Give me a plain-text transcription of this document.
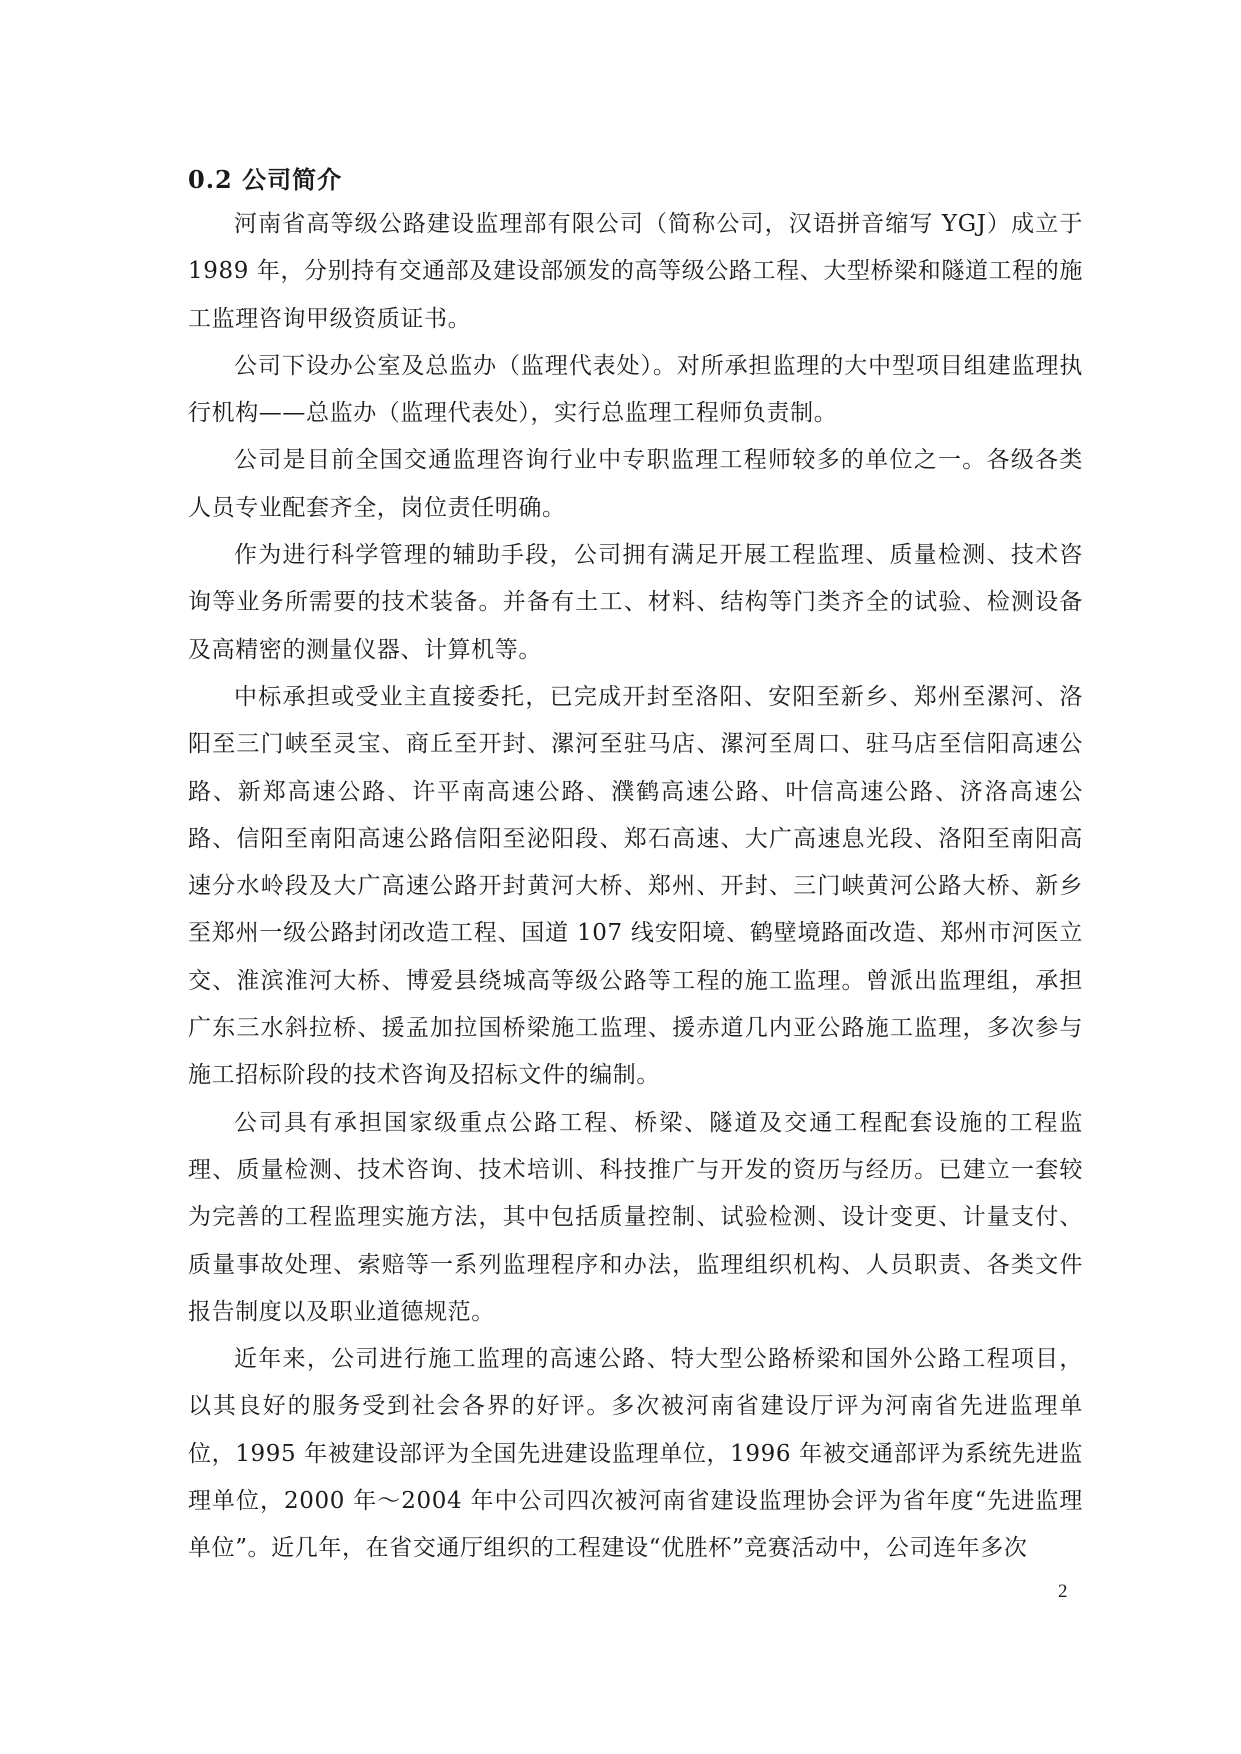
0.2 公司简介

河南省高等级公路建设监理部有限公司（简称公司，汉语拼音缩写 YGJ）成立于 1989 年，分别持有交通部及建设部颁发的高等级公路工程、大型桥梁和隧道工程的施工监理咨询甲级资质证书。

公司下设办公室及总监办（监理代表处）。对所承担监理的大中型项目组建监理执行机构——总监办（监理代表处），实行总监理工程师负责制。

公司是目前全国交通监理咨询行业中专职监理工程师较多的单位之一。各级各类人员专业配套齐全，岗位责任明确。

作为进行科学管理的辅助手段，公司拥有满足开展工程监理、质量检测、技术咨询等业务所需要的技术装备。并备有土工、材料、结构等门类齐全的试验、检测设备及高精密的测量仪器、计算机等。

中标承担或受业主直接委托，已完成开封至洛阳、安阳至新乡、郑州至漯河、洛阳至三门峡至灵宝、商丘至开封、漯河至驻马店、漯河至周口、驻马店至信阳高速公路、新郑高速公路、许平南高速公路、濮鹤高速公路、叶信高速公路、济洛高速公路、信阳至南阳高速公路信阳至泌阳段、郑石高速、大广高速息光段、洛阳至南阳高速分水岭段及大广高速公路开封黄河大桥、郑州、开封、三门峡黄河公路大桥、新乡至郑州一级公路封闭改造工程、国道 107 线安阳境、鹤壁境路面改造、郑州市河医立交、淮滨淮河大桥、博爱县绕城高等级公路等工程的施工监理。曾派出监理组，承担广东三水斜拉桥、援孟加拉国桥梁施工监理、援赤道几内亚公路施工监理，多次参与施工招标阶段的技术咨询及招标文件的编制。

公司具有承担国家级重点公路工程、桥梁、隧道及交通工程配套设施的工程监理、质量检测、技术咨询、技术培训、科技推广与开发的资历与经历。已建立一套较为完善的工程监理实施方法，其中包括质量控制、试验检测、设计变更、计量支付、质量事故处理、索赔等一系列监理程序和办法，监理组织机构、人员职责、各类文件报告制度以及职业道德规范。

近年来，公司进行施工监理的高速公路、特大型公路桥梁和国外公路工程项目，以其良好的服务受到社会各界的好评。多次被河南省建设厅评为河南省先进监理单位，1995 年被建设部评为全国先进建设监理单位，1996 年被交通部评为系统先进监理单位，2000 年～2004 年中公司四次被河南省建设监理协会评为省年度“先进监理单位”。近几年，在省交通厅组织的工程建设“优胜杯”竞赛活动中，公司连年多次

2
